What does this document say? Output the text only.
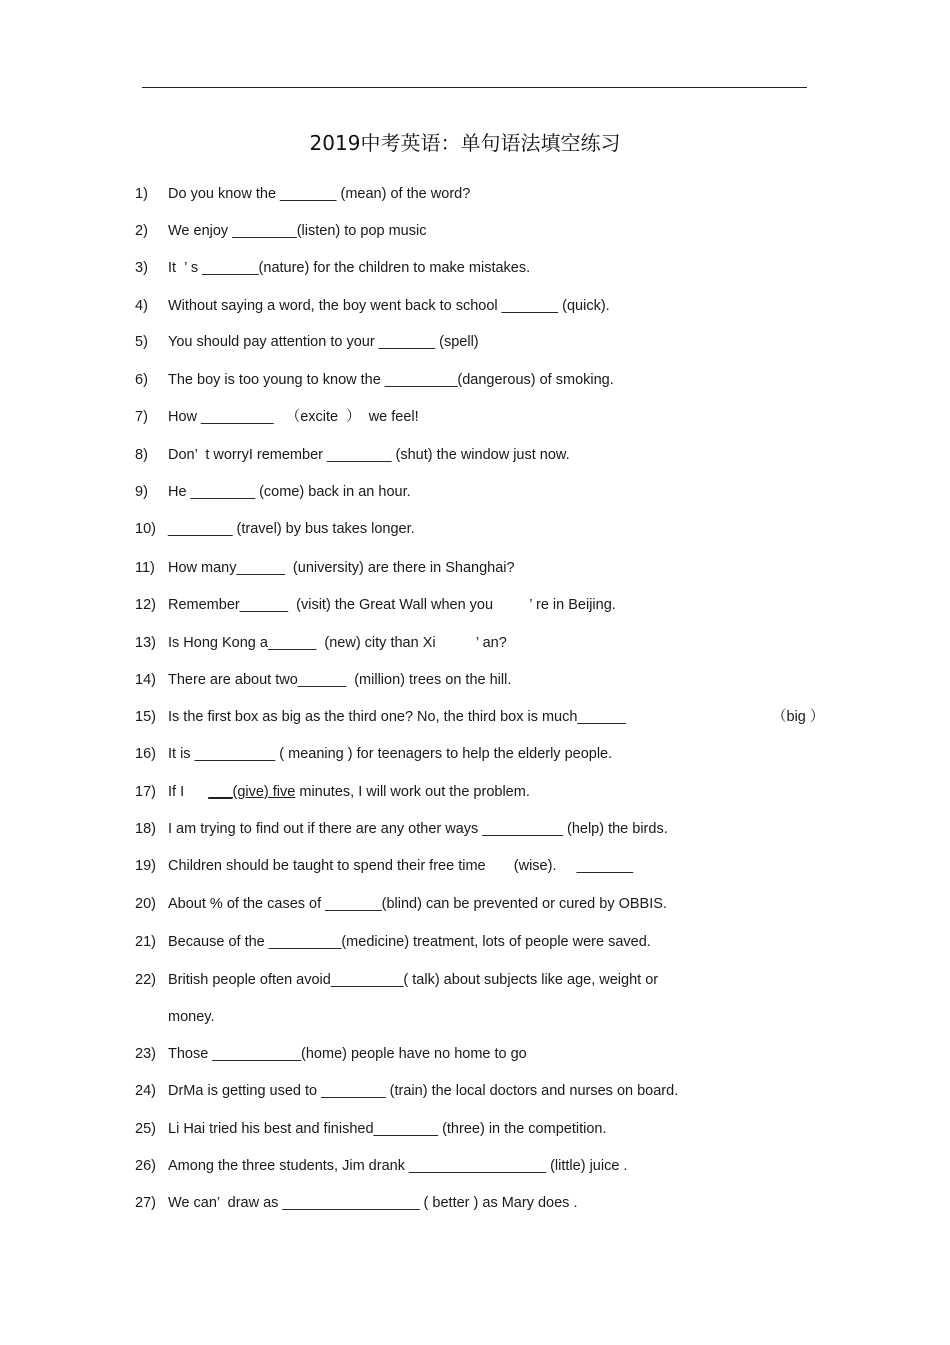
2019中考英语：单句语法填空练习
1) Do you know the _______ (mean) of the word?
2) We enjoy ________(listen) to pop music
3) It  ’ s _______(nature) for the children to make mistakes.
4) Without saying a word, the boy went back to school _______ (quick).
5) You should pay attention to your _______ (spell)
6) The boy is too young to know the _________(dangerous) of smoking.
7) How _________   （excite  ）  we feel!
8) Don’  t worryI remember ________ (shut) the window just now.
9) He ________ (come) back in an hour.
10) ________ (travel) by bus takes longer.
11) How many______  (university) are there in Shanghai?
12) Remember______  (visit) the Great Wall when you         ’ re in Beijing.
13) Is Hong Kong a______  (new) city than Xi          ’ an?
14) There are about two______  (million) trees on the hill.
15) Is the first box as big as the third one? No, the third box is much______	（big ）
16) It is __________ ( meaning ) for teenagers to help the elderly people.
17) If I      ___(give) five minutes, I will work out the problem.
18) I am trying to find out if there are any other ways __________ (help) the birds.
19) Children should be taught to spend their free time       (wise).     _______
20) About % of the cases of _______(blind) can be prevented or cured by OBBIS.
21) Because of the _________(medicine) treatment, lots of people were saved.
22) British people often avoid_________( talk) about subjects like age, weight or
money.
23) Those ___________(home) people have no home to go
24) DrMa is getting used to ________ (train) the local doctors and nurses on board.
25) Li Hai tried his best and finished________ (three) in the competition.
26) Among the three students, Jim drank _________________ (little) juice .
27) We can’  draw as _________________ ( better ) as Mary does .
